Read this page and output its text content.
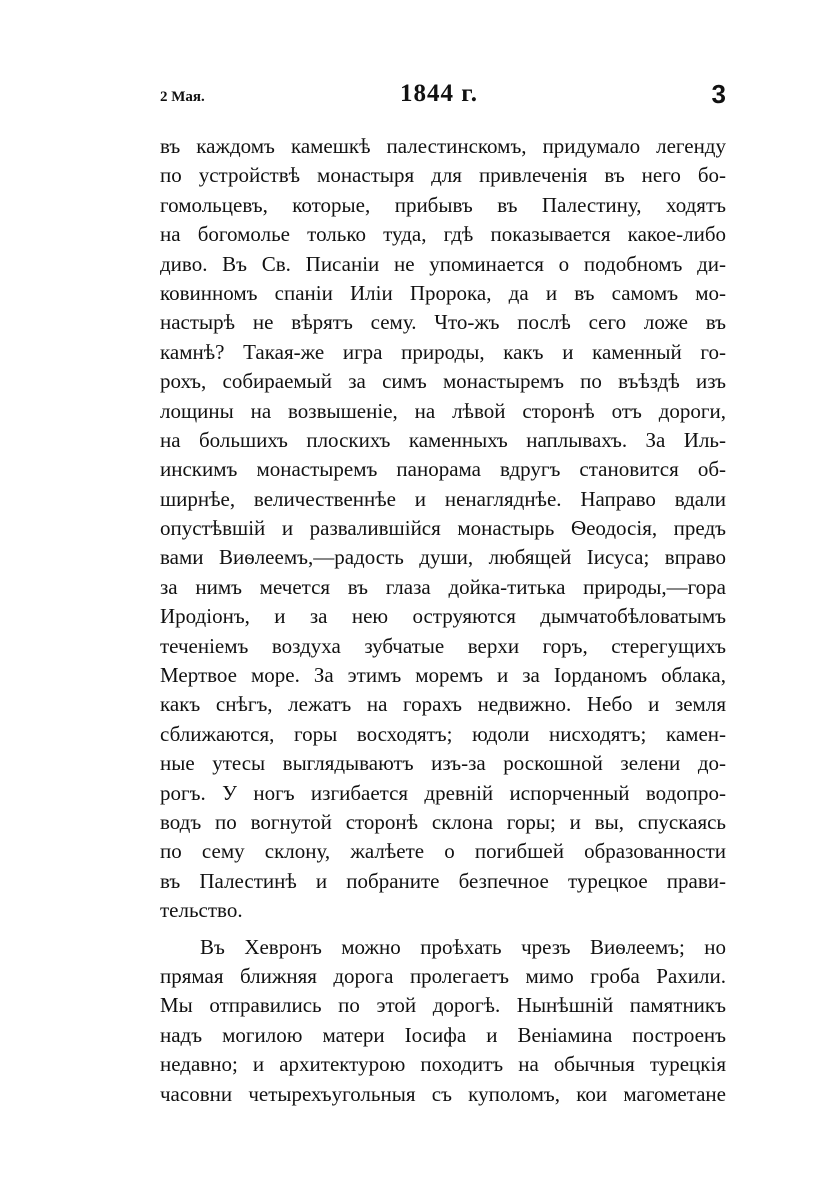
2 Мая.	1844 г.	3
въ каждомъ камешкѣ палестинскомъ, придумало легенду
по устройствѣ монастыря для привлеченія въ него бо-
гомольцевъ, которые, прибывъ въ Палестину, ходятъ
на богомолье только туда, гдѣ показывается какое-либо
диво. Въ Св. Писаніи не упоминается о подобномъ ди-
ковинномъ спаніи Иліи Пророка, да и въ самомъ мо-
настырѣ не вѣрятъ сему. Что-жъ послѣ сего ложе въ
камнѣ? Такая-же игра природы, какъ и каменный го-
рохъ, собираемый за симъ монастыремъ по въѣздѣ изъ
лощины на возвышеніе, на лѣвой сторонѣ отъ дороги,
на большихъ плоскихъ каменныхъ наплывахъ. За Иль-
инскимъ монастыремъ панорама вдругъ становится об-
ширнѣе, величественнѣе и ненагляднѣе. Направо вдали
опустѣвшій и развалившійся монастырь Ѳеодосія, предъ
вами Виѳлеемъ,—радость души, любящей Іисуса; вправо
за нимъ мечется въ глаза дойка-титька природы,—гора
Иродіонъ, и за нею оструяются дымчатобѣловатымъ
теченіемъ воздуха зубчатые верхи горъ, стерегущихъ
Мертвое море. За этимъ моремъ и за Іорданомъ облака,
какъ снѣгъ, лежатъ на горахъ недвижно. Небо и земля
сближаются, горы восходятъ; юдоли нисходятъ; камен-
ные утесы выглядываютъ изъ-за роскошной зелени до-
рогъ. У ногъ изгибается древній испорченный водопро-
водъ по вогнутой сторонѣ склона горы; и вы, спускаясь
по сему склону, жалѣете о погибшей образованности
въ Палестинѣ и побраните безпечное турецкое прави-
тельство.
Въ Хевронъ можно проѣхать чрезъ Виѳлеемъ; но
прямая ближняя дорога пролегаетъ мимо гроба Рахили.
Мы отправились по этой дорогѣ. Нынѣшній памятникъ
надъ могилою матери Іосифа и Веніамина построенъ
недавно; и архитектурою походитъ на обычныя турецкія
часовни четырехъугольныя съ куполомъ, кои магометане
